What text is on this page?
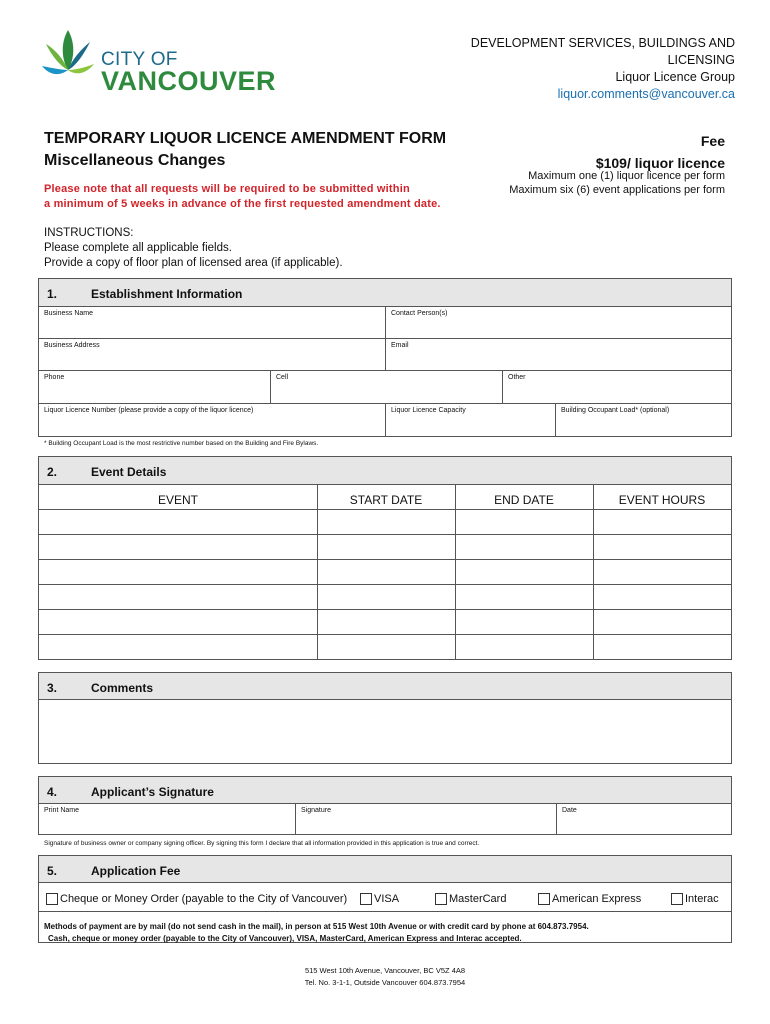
CITY OF
VANCOUVER
DEVELOPMENT SERVICES, BUILDINGS AND
LICENSING
Liquor Licence Group
liquor.comments@vancouver.ca
TEMPORARY LIQUOR LICENCE AMENDMENT FORM
Miscellaneous Changes
Fee
$109/ liquor licence
Maximum one (1) liquor licence per form
Maximum six (6) event applications per form
Please note that all requests will be required to be submitted within
a minimum of 5 weeks in advance of the first requested amendment date.
INSTRUCTIONS:
Please complete all applicable fields.
Provide a copy of floor plan of licensed area (if applicable).
1.	Establishment Information
Business Name	Contact Person(s)
Business Address	Email
Phone	Cell	Other
Liquor Licence Number (please provide a copy of the liquor licence)	Liquor Licence Capacity	Building Occupant Load* (optional)
* Building Occupant Load is the most restrictive number based on the Building and Fire Bylaws.
2.	Event Details
EVENT	START DATE	END DATE	EVENT HOURS
3.	Comments
4.	Applicant’s Signature
Print Name	Signature	Date
Signature of business owner or company signing officer. By signing this form I declare that all information provided in this application is true and correct.
5.	Application Fee
Cheque or Money Order (payable to the City of Vancouver) VISA	MasterCard	American Express	Interac
Methods of payment are by mail (do not send cash in the mail), in person at 515 West 10th Avenue or with credit card by phone at 604.873.7954.
Cash, cheque or money order (payable to the City of Vancouver), VISA, MasterCard, American Express and Interac accepted.
515 West 10th Avenue, Vancouver, BC V5Z 4A8
Tel. No. 3-1-1, Outside Vancouver 604.873.7954
